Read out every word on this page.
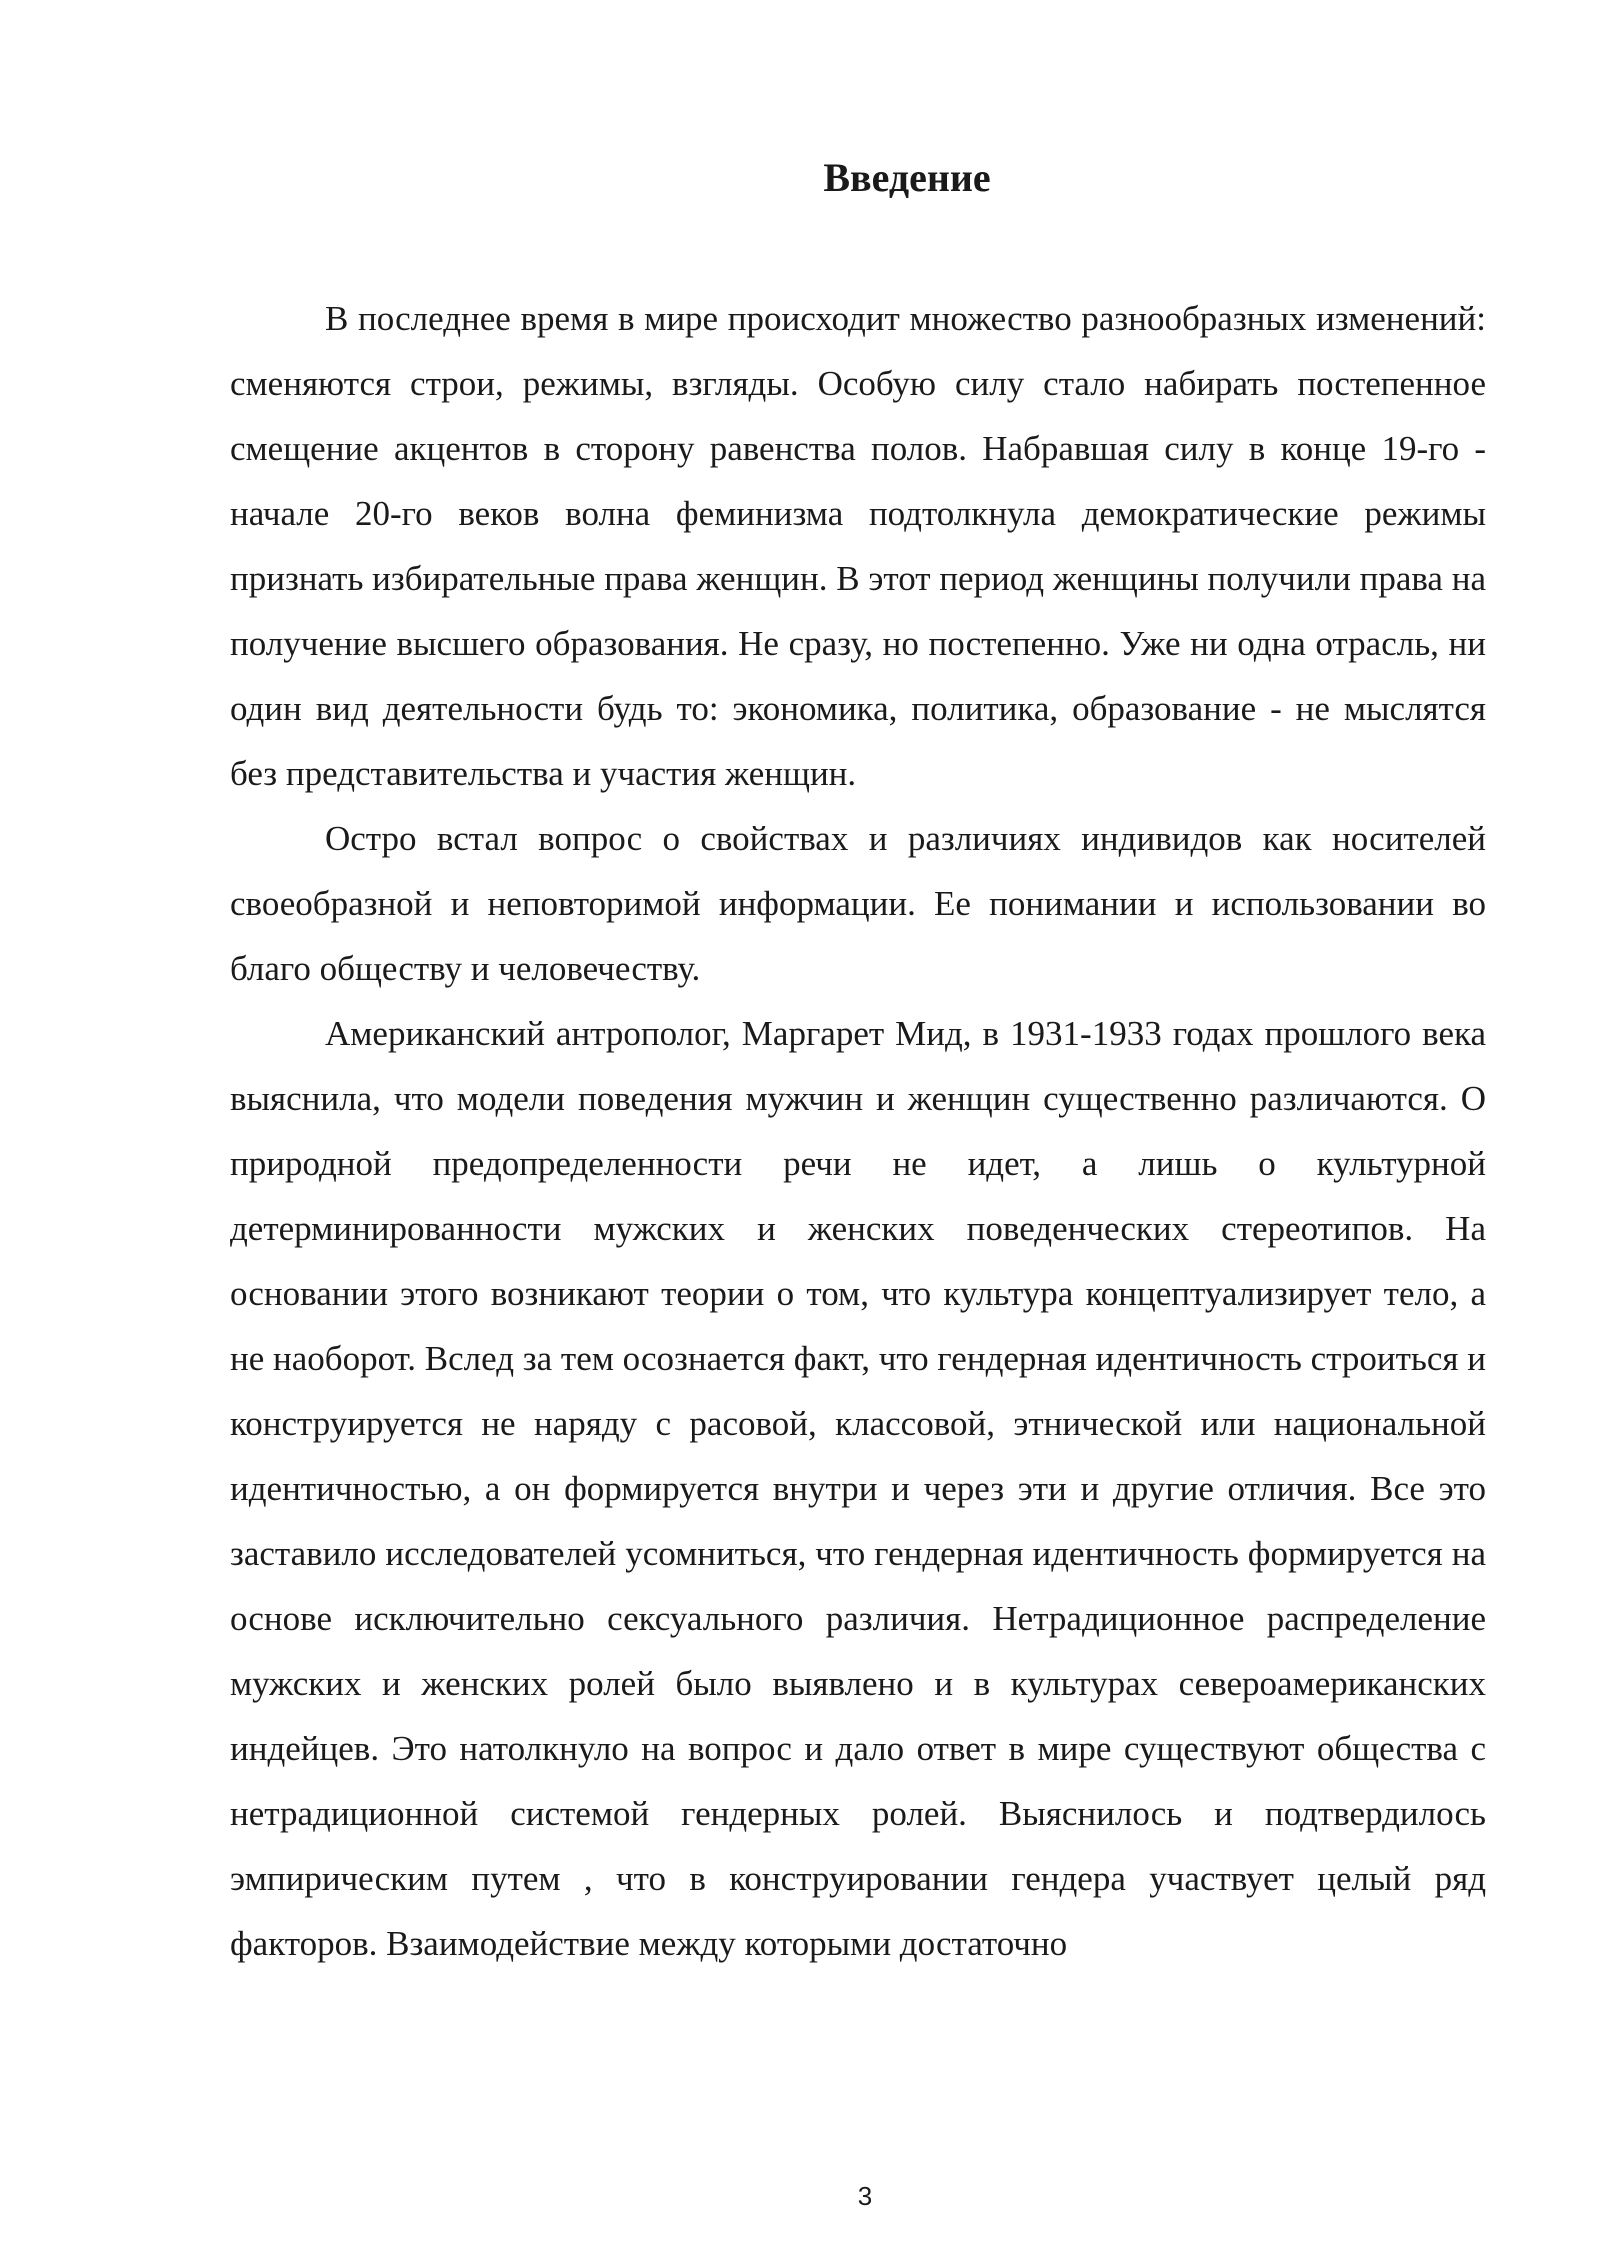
Введение

В последнее время в мире происходит множество разнообразных изменений: сменяются строи, режимы, взгляды. Особую силу стало набирать постепенное смещение акцентов в сторону равенства полов. Набравшая силу в конце 19-го - начале 20-го веков волна феминизма подтолкнула демократические режимы признать избирательные права женщин. В этот период женщины получили права на получение высшего образования. Не сразу, но постепенно. Уже ни одна отрасль, ни один вид деятельности будь то: экономика, политика, образование - не мыслятся без представительства и участия женщин.

Остро встал вопрос о свойствах и различиях индивидов как носителей своеобразной и неповторимой информации. Ее понимании и использовании во благо обществу и человечеству.

Американский антрополог, Маргарет Мид, в 1931-1933 годах прошлого века выяснила, что модели поведения мужчин и женщин существенно различаются. О природной предопределенности речи не идет, а лишь о культурной детерминированности мужских и женских поведенческих стереотипов. На основании этого возникают теории о том, что культура концептуализирует тело, а не наоборот. Вслед за тем осознается факт, что гендерная идентичность строиться и конструируется не наряду с расовой, классовой, этнической или национальной идентичностью, а он формируется внутри и через эти и другие отличия. Все это заставило исследователей усомниться, что гендерная идентичность формируется на основе исключительно сексуального различия. Нетрадиционное распределение мужских и женских ролей было выявлено и в культурах североамериканских индейцев. Это натолкнуло на вопрос и дало ответ в мире существуют общества с нетрадиционной системой гендерных ролей. Выяснилось и подтвердилось эмпирическим путем , что в конструировании гендера участвует целый ряд факторов. Взаимодействие между которыми достаточно

3
